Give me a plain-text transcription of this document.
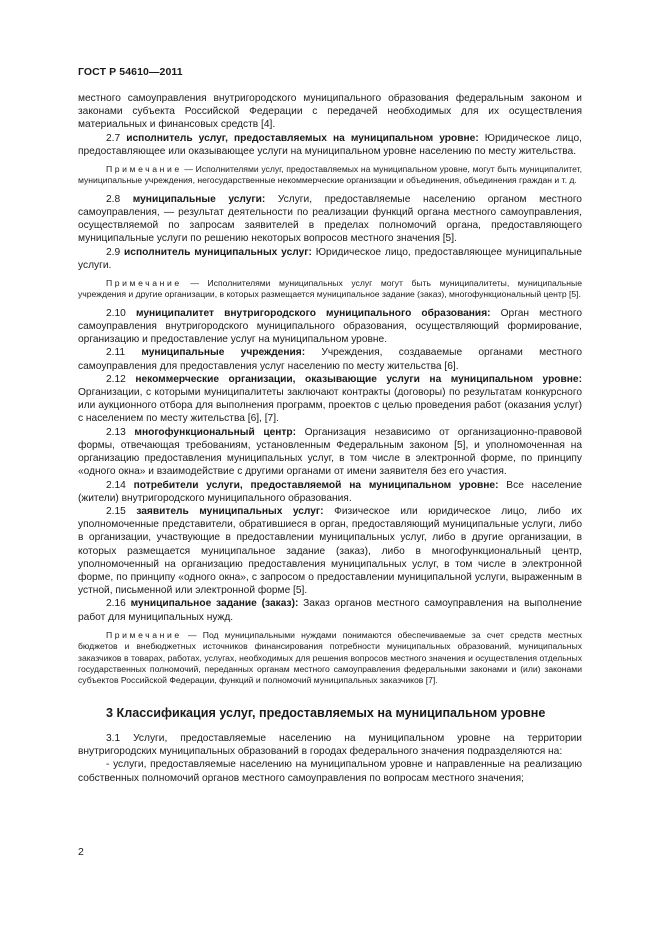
ГОСТ Р 54610—2011

местного самоуправления внутригородского муниципального образования федеральным законом и законами субъекта Российской Федерации с передачей необходимых для их осуществления материальных и финансовых средств [4].

2.7 исполнитель услуг, предоставляемых на муниципальном уровне: Юридическое лицо, предоставляющее или оказывающее услуги на муниципальном уровне населению по месту жительства.

Примечание — Исполнителями услуг, предоставляемых на муниципальном уровне, могут быть муниципалитет, муниципальные учреждения, негосударственные некоммерческие организации и объединения, объединения граждан и т. д.

2.8 муниципальные услуги: Услуги, предоставляемые населению органом местного самоуправления, — результат деятельности по реализации функций органа местного самоуправления, осуществляемой по запросам заявителей в пределах полномочий органа, предоставляющего муниципальные услуги по решению некоторых вопросов местного значения [5].

2.9 исполнитель муниципальных услуг: Юридическое лицо, предоставляющее муниципальные услуги.

Примечание — Исполнителями муниципальных услуг могут быть муниципалитеты, муниципальные учреждения и другие организации, в которых размещается муниципальное задание (заказ), многофункциональный центр [5].

2.10 муниципалитет внутригородского муниципального образования: Орган местного самоуправления внутригородского муниципального образования, осуществляющий формирование, организацию и предоставление услуг на муниципальном уровне.

2.11 муниципальные учреждения: Учреждения, создаваемые органами местного самоуправления для предоставления услуг населению по месту жительства [6].

2.12 некоммерческие организации, оказывающие услуги на муниципальном уровне: Организации, с которыми муниципалитеты заключают контракты (договоры) по результатам конкурсного или аукционного отбора для выполнения программ, проектов с целью проведения работ (оказания услуг) с населением по месту жительства [6], [7].

2.13 многофункциональный центр: Организация независимо от организационно-правовой формы, отвечающая требованиям, установленным Федеральным законом [5], и уполномоченная на организацию предоставления муниципальных услуг, в том числе в электронной форме, по принципу «одного окна» и взаимодействие с другими органами от имени заявителя без его участия.

2.14 потребители услуги, предоставляемой на муниципальном уровне: Все население (жители) внутригородского муниципального образования.

2.15 заявитель муниципальных услуг: Физическое или юридическое лицо, либо их уполномоченные представители, обратившиеся в орган, предоставляющий муниципальные услуги, либо в организации, участвующие в предоставлении муниципальных услуг, либо в другие организации, в которых размещается муниципальное задание (заказ), либо в многофункциональный центр, уполномоченный на организацию предоставления муниципальных услуг, в том числе в электронной форме, по принципу «одного окна», с запросом о предоставлении муниципальной услуги, выраженным в устной, письменной или электронной форме [5].

2.16 муниципальное задание (заказ): Заказ органов местного самоуправления на выполнение работ для муниципальных нужд.

Примечание — Под муниципальными нуждами понимаются обеспечиваемые за счет средств местных бюджетов и внебюджетных источников финансирования потребности муниципальных образований, муниципальных заказчиков в товарах, работах, услугах, необходимых для решения вопросов местного значения и осуществления отдельных государственных полномочий, переданных органам местного самоуправления федеральными законами и (или) законами субъектов Российской Федерации, функций и полномочий муниципальных заказчиков [7].

3 Классификация услуг, предоставляемых на муниципальном уровне

3.1 Услуги, предоставляемые населению на муниципальном уровне на территории внутригородских муниципальных образований в городах федерального значения подразделяются на:

- услуги, предоставляемые населению на муниципальном уровне и направленные на реализацию собственных полномочий органов местного самоуправления по вопросам местного значения;

2
